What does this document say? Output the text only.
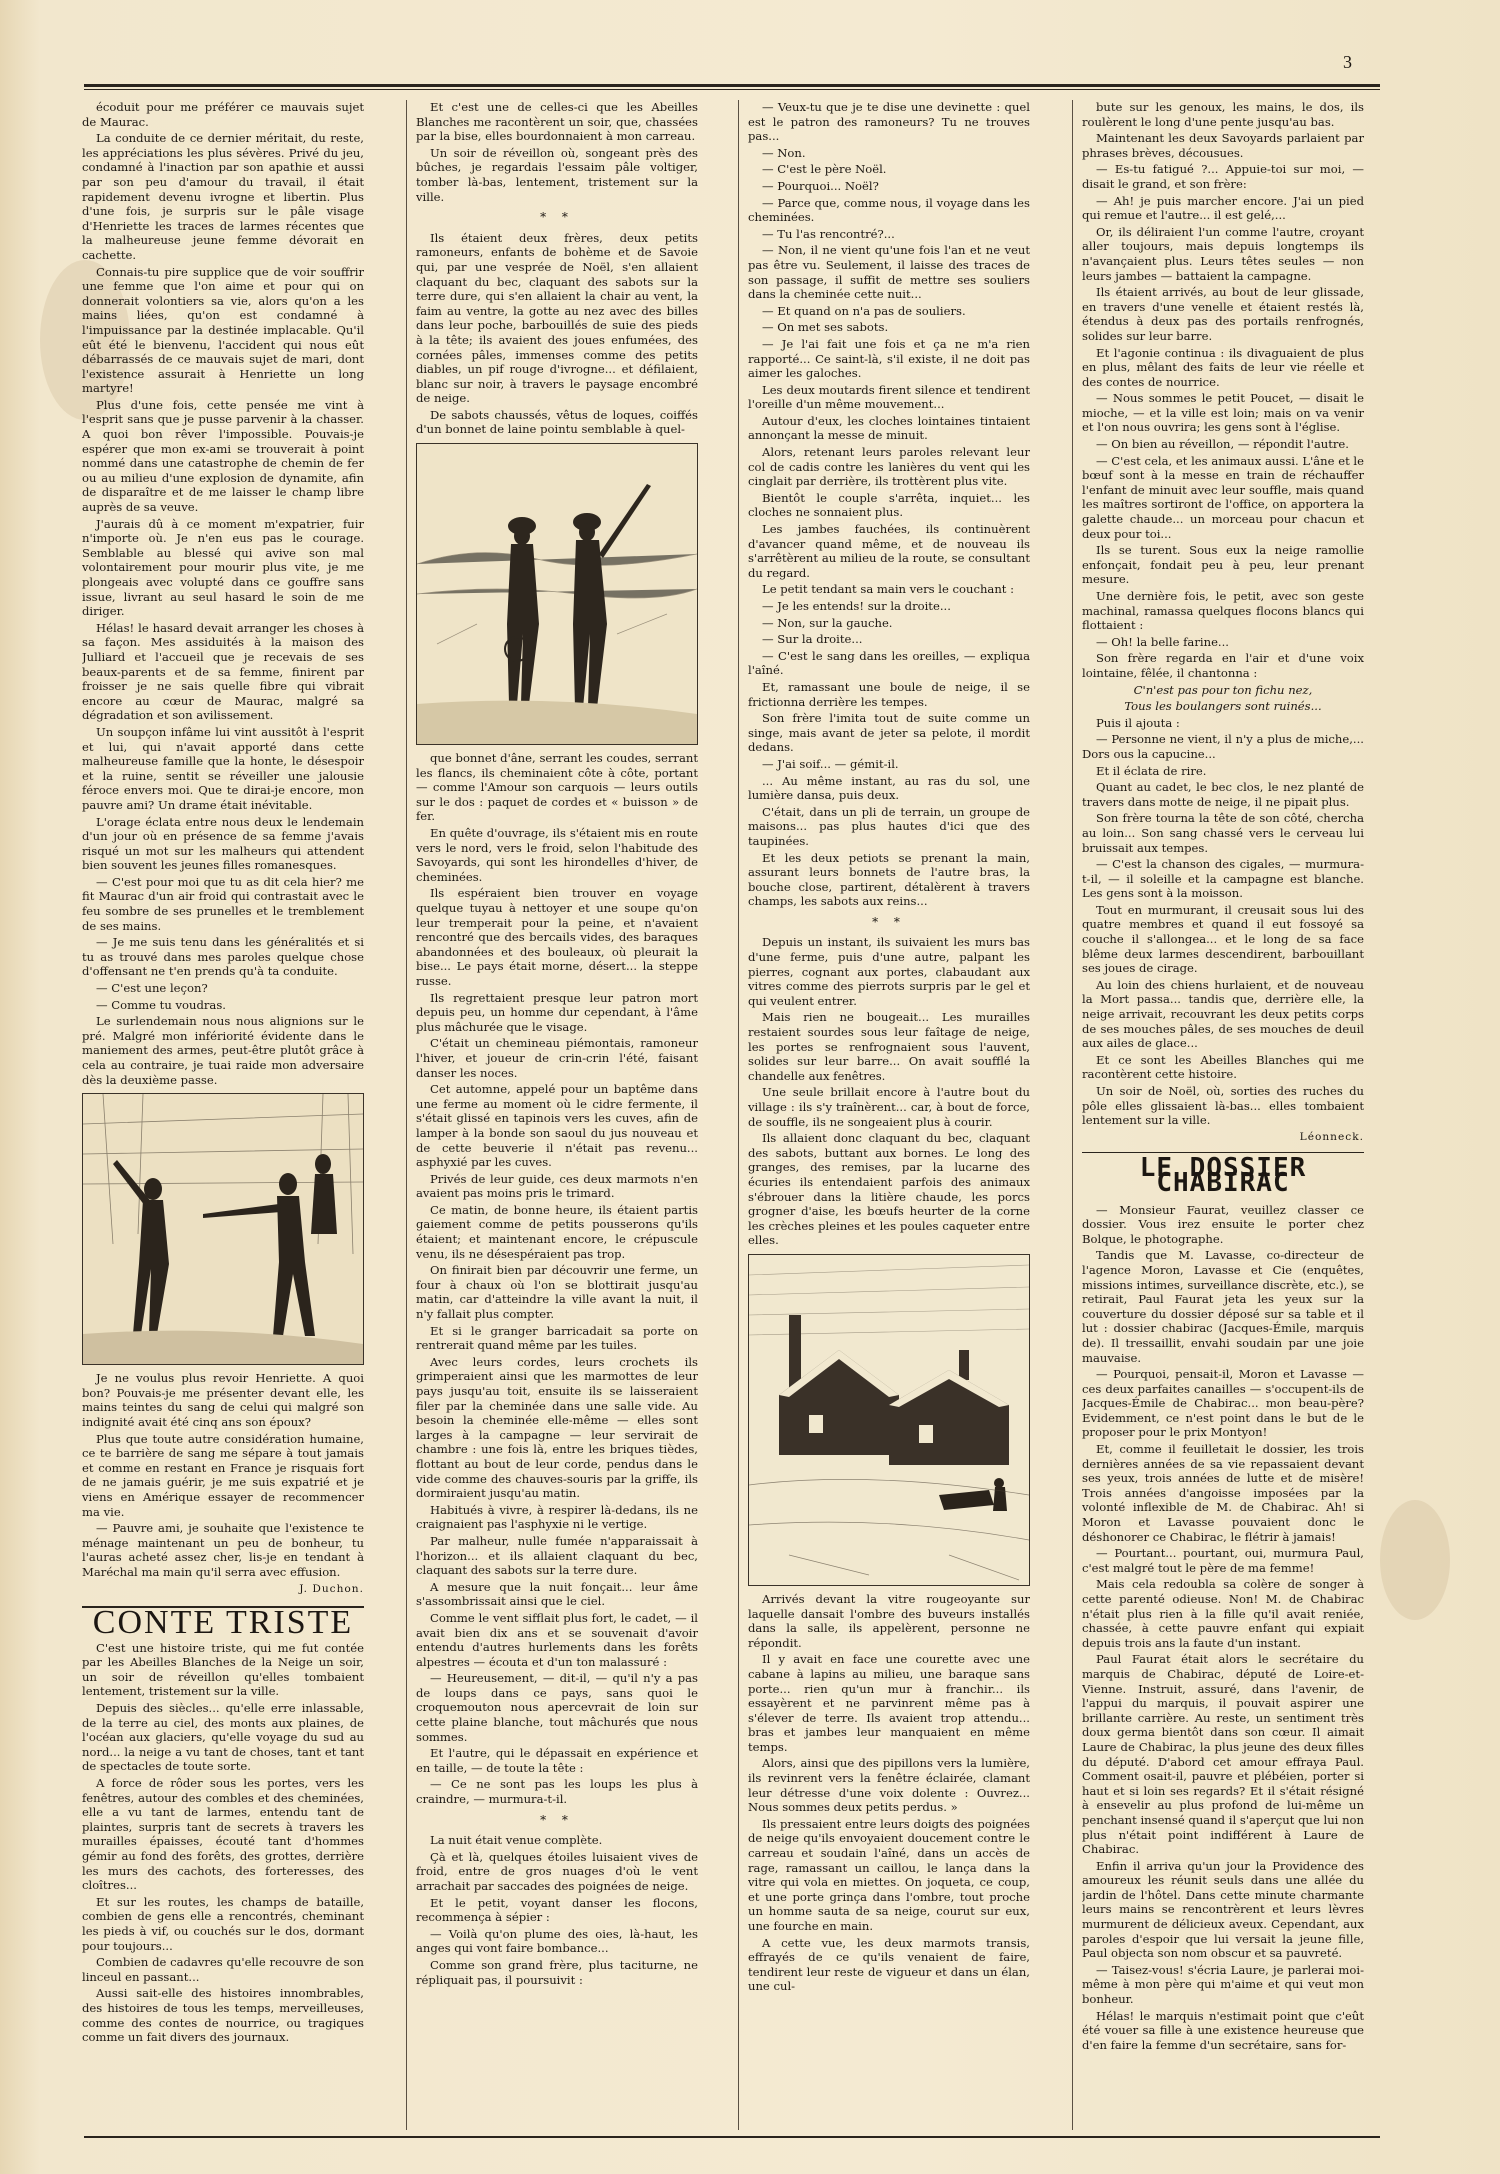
3

écoduit pour me préférer ce mauvais sujet de Maurac.

La conduite de ce dernier méritait, du reste, les appréciations les plus sévères. Privé du jeu, condamné à l'inaction par son apathie et aussi par son peu d'amour du travail, il était rapidement devenu ivrogne et libertin. Plus d'une fois, je surpris sur le pâle visage d'Henriette les traces de larmes récentes que la malheureuse jeune femme dévorait en cachette.

Connais-tu pire supplice que de voir souffrir une femme que l'on aime et pour qui on donnerait volontiers sa vie, alors qu'on a les mains liées, qu'on est condamné à l'impuissance par la destinée implacable. Qu'il eût été le bienvenu, l'accident qui nous eût débarrassés de ce mauvais sujet de mari, dont l'existence assurait à Henriette un long martyre!

Plus d'une fois, cette pensée me vint à l'esprit sans que je pusse parvenir à la chasser. A quoi bon rêver l'impossible. Pouvais-je espérer que mon ex-ami se trouverait à point nommé dans une catastrophe de chemin de fer ou au milieu d'une explosion de dynamite, afin de disparaître et de me laisser le champ libre auprès de sa veuve.

J'aurais dû à ce moment m'expatrier, fuir n'importe où. Je n'en eus pas le courage. Semblable au blessé qui avive son mal volontairement pour mourir plus vite, je me plongeais avec volupté dans ce gouffre sans issue, livrant au seul hasard le soin de me diriger.

Hélas! le hasard devait arranger les choses à sa façon. Mes assiduités à la maison des Julliard et l'accueil que je recevais de ses beaux-parents et de sa femme, finirent par froisser je ne sais quelle fibre qui vibrait encore au cœur de Maurac, malgré sa dégradation et son avilissement.

Un soupçon infâme lui vint aussitôt à l'esprit et lui, qui n'avait apporté dans cette malheureuse famille que la honte, le désespoir et la ruine, sentit se réveiller une jalousie féroce envers moi. Que te dirai-je encore, mon pauvre ami? Un drame était inévitable.

L'orage éclata entre nous deux le lendemain d'un jour où en présence de sa femme j'avais risqué un mot sur les malheurs qui attendent bien souvent les jeunes filles romanesques.

— C'est pour moi que tu as dit cela hier? me fit Maurac d'un air froid qui contrastait avec le feu sombre de ses prunelles et le tremblement de ses mains.

— Je me suis tenu dans les généralités et si tu as trouvé dans mes paroles quelque chose d'offensant ne t'en prends qu'à ta conduite.

— C'est une leçon?

— Comme tu voudras.

Le surlendemain nous nous alignions sur le pré. Malgré mon infériorité évidente dans le maniement des armes, peut-être plutôt grâce à cela au contraire, je tuai raide mon adversaire dès la deuxième passe.

Je ne voulus plus revoir Henriette. A quoi bon? Pouvais-je me présenter devant elle, les mains teintes du sang de celui qui malgré son indignité avait été cinq ans son époux?

Plus que toute autre considération humaine, ce te barrière de sang me sépare à tout jamais et comme en restant en France je risquais fort de ne jamais guérir, je me suis expatrié et je viens en Amérique essayer de recommencer ma vie.

— Pauvre ami, je souhaite que l'existence te ménage maintenant un peu de bonheur, tu l'auras acheté assez cher, lis-je en tendant à Maréchal ma main qu'il serra avec effusion.

J. Duchon.
CONTE TRISTE

C'est une histoire triste, qui me fut contée par les Abeilles Blanches de la Neige un soir, un soir de réveillon qu'elles tombaient lentement, tristement sur la ville.

Depuis des siècles... qu'elle erre inlassable, de la terre au ciel, des monts aux plaines, de l'océan aux glaciers, qu'elle voyage du sud au nord... la neige a vu tant de choses, tant et tant de spectacles de toute sorte.

A force de rôder sous les portes, vers les fenêtres, autour des combles et des cheminées, elle a vu tant de larmes, entendu tant de plaintes, surpris tant de secrets à travers les murailles épaisses, écouté tant d'hommes gémir au fond des forêts, des grottes, derrière les murs des cachots, des forteresses, des cloîtres...

Et sur les routes, les champs de bataille, combien de gens elle a rencontrés, cheminant les pieds à vif, ou couchés sur le dos, dormant pour toujours...

Combien de cadavres qu'elle recouvre de son linceul en passant...

Aussi sait-elle des histoires innombrables, des histoires de tous les temps, merveilleuses, comme des contes de nourrice, ou tragiques comme un fait divers des journaux.

Et c'est une de celles-ci que les Abeilles Blanches me racontèrent un soir, que, chassées par la bise, elles bourdonnaient à mon carreau.

Un soir de réveillon où, songeant près des bûches, je regardais l'essaim pâle voltiger, tomber là-bas, lentement, tristement sur la ville.

* *

Ils étaient deux frères, deux petits ramoneurs, enfants de bohème et de Savoie qui, par une vesprée de Noël, s'en allaient claquant du bec, claquant des sabots sur la terre dure, qui s'en allaient la chair au vent, la faim au ventre, la gotte au nez avec des billes dans leur poche, barbouillés de suie des pieds à la tête; ils avaient des joues enfumées, des cornées pâles, immenses comme des petits diables, un pif rouge d'ivrogne... et défilaient, blanc sur noir, à travers le paysage encombré de neige.

De sabots chaussés, vêtus de loques, coiffés d'un bonnet de laine pointu semblable à quel-

que bonnet d'âne, serrant les coudes, serrant les flancs, ils cheminaient côte à côte, portant — comme l'Amour son carquois — leurs outils sur le dos : paquet de cordes et « buisson » de fer.

En quête d'ouvrage, ils s'étaient mis en route vers le nord, vers le froid, selon l'habitude des Savoyards, qui sont les hirondelles d'hiver, de cheminées.

Ils espéraient bien trouver en voyage quelque tuyau à nettoyer et une soupe qu'on leur tremperait pour la peine, et n'avaient rencontré que des bercails vides, des baraques abandonnées et des bouleaux, où pleurait la bise... Le pays était morne, désert... la steppe russe.

Ils regrettaient presque leur patron mort depuis peu, un homme dur cependant, à l'âme plus mâchurée que le visage.

C'était un chemineau piémontais, ramoneur l'hiver, et joueur de crin-crin l'été, faisant danser les noces.

Cet automne, appelé pour un baptême dans une ferme au moment où le cidre fermente, il s'était glissé en tapinois vers les cuves, afin de lamper à la bonde son saoul du jus nouveau et de cette beuverie il n'était pas revenu... asphyxié par les cuves.

Privés de leur guide, ces deux marmots n'en avaient pas moins pris le trimard.

Ce matin, de bonne heure, ils étaient partis gaiement comme de petits pousserons qu'ils étaient; et maintenant encore, le crépuscule venu, ils ne désespéraient pas trop.

On finirait bien par découvrir une ferme, un four à chaux où l'on se blottirait jusqu'au matin, car d'atteindre la ville avant la nuit, il n'y fallait plus compter.

Et si le granger barricadait sa porte on rentrerait quand même par les tuiles.

Avec leurs cordes, leurs crochets ils grimperaient ainsi que les marmottes de leur pays jusqu'au toit, ensuite ils se laisseraient filer par la cheminée dans une salle vide. Au besoin la cheminée elle-même — elles sont larges à la campagne — leur servirait de chambre : une fois là, entre les briques tièdes, flottant au bout de leur corde, pendus dans le vide comme des chauves-souris par la griffe, ils dormiraient jusqu'au matin.

Habitués à vivre, à respirer là-dedans, ils ne craignaient pas l'asphyxie ni le vertige.

Par malheur, nulle fumée n'apparaissait à l'horizon... et ils allaient claquant du bec, claquant des sabots sur la terre dure.

A mesure que la nuit fonçait... leur âme s'assombrissait ainsi que le ciel.

Comme le vent sifflait plus fort, le cadet, — il avait bien dix ans et se souvenait d'avoir entendu d'autres hurlements dans les forêts alpestres — écouta et d'un ton malassuré :

— Heureusement, — dit-il, — qu'il n'y a pas de loups dans ce pays, sans quoi le croquemouton nous apercevrait de loin sur cette plaine blanche, tout mâchurés que nous sommes.

Et l'autre, qui le dépassait en expérience et en taille, — de toute la tête :

— Ce ne sont pas les loups les plus à craindre, — murmura-t-il.

* *

La nuit était venue complète.

Çà et là, quelques étoiles luisaient vives de froid, entre de gros nuages d'où le vent arrachait par saccades des poignées de neige.

Et le petit, voyant danser les flocons, recommença à sépier :

— Voilà qu'on plume des oies, là-haut, les anges qui vont faire bombance...

Comme son grand frère, plus taciturne, ne répliquait pas, il poursuivit :

— Veux-tu que je te dise une devinette : quel est le patron des ramoneurs? Tu ne trouves pas...

— Non.

— C'est le père Noël.

— Pourquoi... Noël?

— Parce que, comme nous, il voyage dans les cheminées.

— Tu l'as rencontré?...

— Non, il ne vient qu'une fois l'an et ne veut pas être vu. Seulement, il laisse des traces de son passage, il suffit de mettre ses souliers dans la cheminée cette nuit...

— Et quand on n'a pas de souliers.

— On met ses sabots.

— Je l'ai fait une fois et ça ne m'a rien rapporté... Ce saint-là, s'il existe, il ne doit pas aimer les galoches.

Les deux moutards firent silence et tendirent l'oreille d'un même mouvement...

Autour d'eux, les cloches lointaines tintaient annonçant la messe de minuit.

Alors, retenant leurs paroles relevant leur col de cadis contre les lanières du vent qui les cinglait par derrière, ils trottèrent plus vite.

Bientôt le couple s'arrêta, inquiet... les cloches ne sonnaient plus.

Les jambes fauchées, ils continuèrent d'avancer quand même, et de nouveau ils s'arrêtèrent au milieu de la route, se consultant du regard.

Le petit tendant sa main vers le couchant :

— Je les entends! sur la droite...

— Non, sur la gauche.

— Sur la droite...

— C'est le sang dans les oreilles, — expliqua l'aîné.

Et, ramassant une boule de neige, il se frictionna derrière les tempes.

Son frère l'imita tout de suite comme un singe, mais avant de jeter sa pelote, il mordit dedans.

— J'ai soif... — gémit-il.

... Au même instant, au ras du sol, une lumière dansa, puis deux.

C'était, dans un pli de terrain, un groupe de maisons... pas plus hautes d'ici que des taupinées.

Et les deux petiots se prenant la main, assurant leurs bonnets de l'autre bras, la bouche close, partirent, détalèrent à travers champs, les sabots aux reins...

* *

Depuis un instant, ils suivaient les murs bas d'une ferme, puis d'une autre, palpant les pierres, cognant aux portes, clabaudant aux vitres comme des pierrots surpris par le gel et qui veulent entrer.

Mais rien ne bougeait... Les murailles restaient sourdes sous leur faîtage de neige, les portes se renfrognaient sous l'auvent, solides sur leur barre... On avait soufflé la chandelle aux fenêtres.

Une seule brillait encore à l'autre bout du village : ils s'y traînèrent... car, à bout de force, de souffle, ils ne songeaient plus à courir.

Ils allaient donc claquant du bec, claquant des sabots, buttant aux bornes. Le long des granges, des remises, par la lucarne des écuries ils entendaient parfois des animaux s'ébrouer dans la litière chaude, les porcs grogner d'aise, les bœufs heurter de la corne les crèches pleines et les poules caqueter entre elles.

Arrivés devant la vitre rougeoyante sur laquelle dansait l'ombre des buveurs installés dans la salle, ils appelèrent, personne ne répondit.

Il y avait en face une courette avec une cabane à lapins au milieu, une baraque sans porte... rien qu'un mur à franchir... ils essayèrent et ne parvinrent même pas à s'élever de terre. Ils avaient trop attendu... bras et jambes leur manquaient en même temps.

Alors, ainsi que des pipillons vers la lumière, ils revinrent vers la fenêtre éclairée, clamant leur détresse d'une voix dolente : Ouvrez... Nous sommes deux petits perdus. »

Ils pressaient entre leurs doigts des poignées de neige qu'ils envoyaient doucement contre le carreau et soudain l'aîné, dans un accès de rage, ramassant un caillou, le lança dans la vitre qui vola en miettes. On joqueta, ce coup, et une porte grinça dans l'ombre, tout proche un homme sauta de sa neige, courut sur eux, une fourche en main.

A cette vue, les deux marmots transis, effrayés de ce qu'ils venaient de faire, tendirent leur reste de vigueur et dans un élan, une cul-

bute sur les genoux, les mains, le dos, ils roulèrent le long d'une pente jusqu'au bas.

Maintenant les deux Savoyards parlaient par phrases brèves, décousues.

— Es-tu fatigué ?... Appuie-toi sur moi, — disait le grand, et son frère:

— Ah! je puis marcher encore. J'ai un pied qui remue et l'autre... il est gelé,...

Or, ils déliraient l'un comme l'autre, croyant aller toujours, mais depuis longtemps ils n'avançaient plus. Leurs têtes seules — non leurs jambes — battaient la campagne.

Ils étaient arrivés, au bout de leur glissade, en travers d'une venelle et étaient restés là, étendus à deux pas des portails renfrognés, solides sur leur barre.

Et l'agonie continua : ils divaguaient de plus en plus, mêlant des faits de leur vie réelle et des contes de nourrice.

— Nous sommes le petit Poucet, — disait le mioche, — et la ville est loin; mais on va venir et l'on nous ouvrira; les gens sont à l'église.

— On bien au réveillon, — répondit l'autre.

— C'est cela, et les animaux aussi. L'âne et le bœuf sont à la messe en train de réchauffer l'enfant de minuit avec leur souffle, mais quand les maîtres sortiront de l'office, on apportera la galette chaude... un morceau pour chacun et deux pour toi...

Ils se turent. Sous eux la neige ramollie enfonçait, fondait peu à peu, leur prenant mesure.

Une dernière fois, le petit, avec son geste machinal, ramassa quelques flocons blancs qui flottaient :

— Oh! la belle farine...

Son frère regarda en l'air et d'une voix lointaine, fêlée, il chantonna :

C'n'est pas pour ton fichu nez,

Tous les boulangers sont ruinés...

Puis il ajouta :

— Personne ne vient, il n'y a plus de miche,... Dors ous la capucine...

Et il éclata de rire.

Quant au cadet, le bec clos, le nez planté de travers dans motte de neige, il ne pipait plus.

Son frère tourna la tête de son côté, chercha au loin... Son sang chassé vers le cerveau lui bruissait aux tempes.

— C'est la chanson des cigales, — murmura-t-il, — il soleille et la campagne est blanche. Les gens sont à la moisson.

Tout en murmurant, il creusait sous lui des quatre membres et quand il eut fossoyé sa couche il s'allongea... et le long de sa face blême deux larmes descendirent, barbouillant ses joues de cirage.

Au loin des chiens hurlaient, et de nouveau la Mort passa... tandis que, derrière elle, la neige arrivait, recouvrant les deux petits corps de ses mouches pâles, de ses mouches de deuil aux ailes de glace...

Et ce sont les Abeilles Blanches qui me racontèrent cette histoire.

Un soir de Noël, où, sorties des ruches du pôle elles glissaient là-bas... elles tombaient lentement sur la ville.

Léonneck.
LE DOSSIER CHABIRAC

— Monsieur Faurat, veuillez classer ce dossier. Vous irez ensuite le porter chez Bolque, le photographe.

Tandis que M. Lavasse, co-directeur de l'agence Moron, Lavasse et Cie (enquêtes, missions intimes, surveillance discrète, etc.), se retirait, Paul Faurat jeta les yeux sur la couverture du dossier déposé sur sa table et il lut : dossier chabirac (Jacques-Émile, marquis de). Il tressaillit, envahi soudain par une joie mauvaise.

— Pourquoi, pensait-il, Moron et Lavasse — ces deux parfaites canailles — s'occupent-ils de Jacques-Émile de Chabirac... mon beau-père? Evidemment, ce n'est point dans le but de le proposer pour le prix Montyon!

Et, comme il feuilletait le dossier, les trois dernières années de sa vie repassaient devant ses yeux, trois années de lutte et de misère! Trois années d'angoisse imposées par la volonté inflexible de M. de Chabirac. Ah! si Moron et Lavasse pouvaient donc le déshonorer ce Chabirac, le flétrir à jamais!

— Pourtant... pourtant, oui, murmura Paul, c'est malgré tout le père de ma femme!

Mais cela redoubla sa colère de songer à cette parenté odieuse. Non! M. de Chabirac n'était plus rien à la fille qu'il avait reniée, chassée, à cette pauvre enfant qui expiait depuis trois ans la faute d'un instant.

Paul Faurat était alors le secrétaire du marquis de Chabirac, député de Loire-et-Vienne. Instruit, assuré, dans l'avenir, de l'appui du marquis, il pouvait aspirer une brillante carrière. Au reste, un sentiment très doux germa bientôt dans son cœur. Il aimait Laure de Chabirac, la plus jeune des deux filles du député. D'abord cet amour effraya Paul. Comment osait-il, pauvre et plébéien, porter si haut et si loin ses regards? Et il s'était résigné à ensevelir au plus profond de lui-même un penchant insensé quand il s'aperçut que lui non plus n'était point indifférent à Laure de Chabirac.

Enfin il arriva qu'un jour la Providence des amoureux les réunit seuls dans une allée du jardin de l'hôtel. Dans cette minute charmante leurs mains se rencontrèrent et leurs lèvres murmurent de délicieux aveux. Cependant, aux paroles d'espoir que lui versait la jeune fille, Paul objecta son nom obscur et sa pauvreté.

— Taisez-vous! s'écria Laure, je parlerai moi-même à mon père qui m'aime et qui veut mon bonheur.

Hélas! le marquis n'estimait point que c'eût été vouer sa fille à une existence heureuse que d'en faire la femme d'un secrétaire, sans for-
